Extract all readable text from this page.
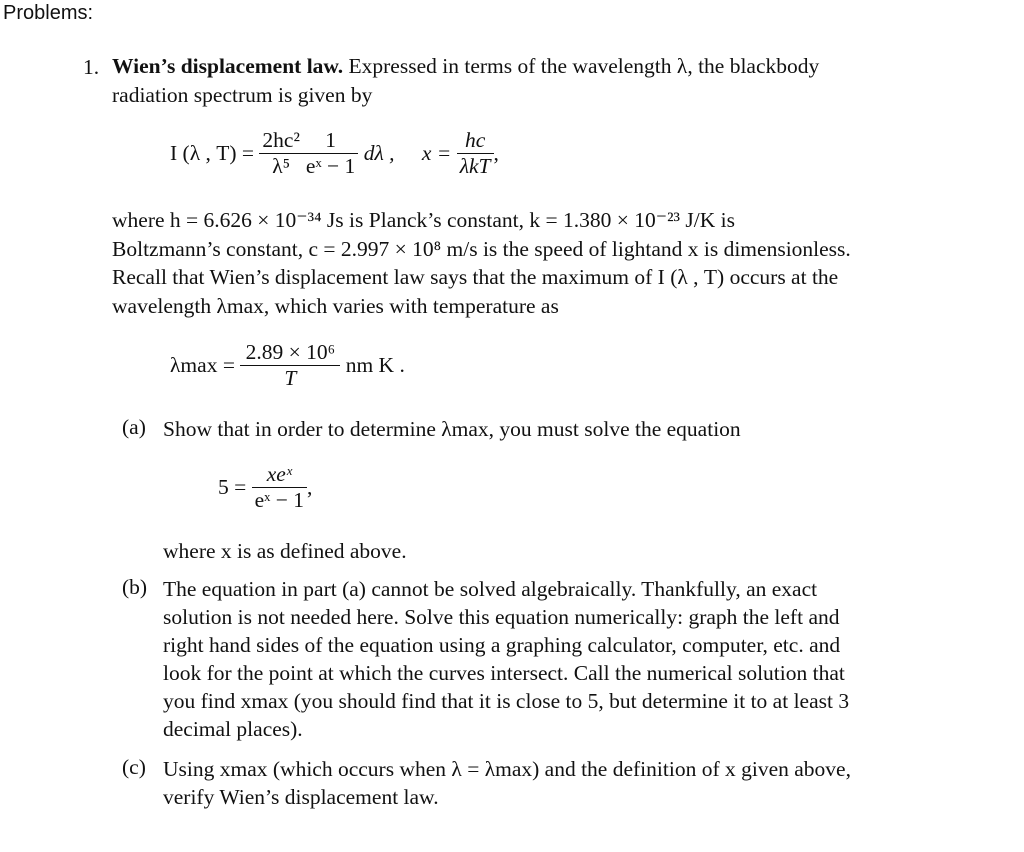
Problems:
1. Wien’s displacement law. Expressed in terms of the wavelength λ, the blackbody
radiation spectrum is given by
I (λ , $T) = \frac{\text{2hc²}}{\text{λ⁵}} \frac{1}{\text{eˣ − 1}}$ dλ , $x = \frac{hc}{\text{λkT}}$ ,
where h = 6.626 × 10⁻³⁴ Js is Planck’s constant, k = 1.380 × 10⁻²³ J/K is
Boltzmann’s constant, c = 2.997 × 10⁸ m/s is the speed of lightand x is dimensionless.
Recall that Wien’s displacement law says that the maximum of I (λ , T) occurs at the
wavelength λmax, which varies with temperature as
$\lambda\max = \frac{\text{2.89 × 10⁶}}{T}$ nm K .
(a) Show that in order to determine λmax, you must solve the equation
$5 = \frac{\text{xeˣ}}{\text{eˣ − 1}}$ ,
where x is as defined above.
(b) The equation in part (a) cannot be solved algebraically. Thankfully, an exact
solution is not needed here. Solve this equation numerically: graph the left and
right hand sides of the equation using a graphing calculator, computer, etc. and
look for the point at which the curves intersect. Call the numerical solution that
you find xmax (you should find that it is close to 5, but determine it to at least 3
decimal places).
(c) Using xmax (which occurs when λ = λmax) and the definition of x given above,
verify Wien’s displacement law.
